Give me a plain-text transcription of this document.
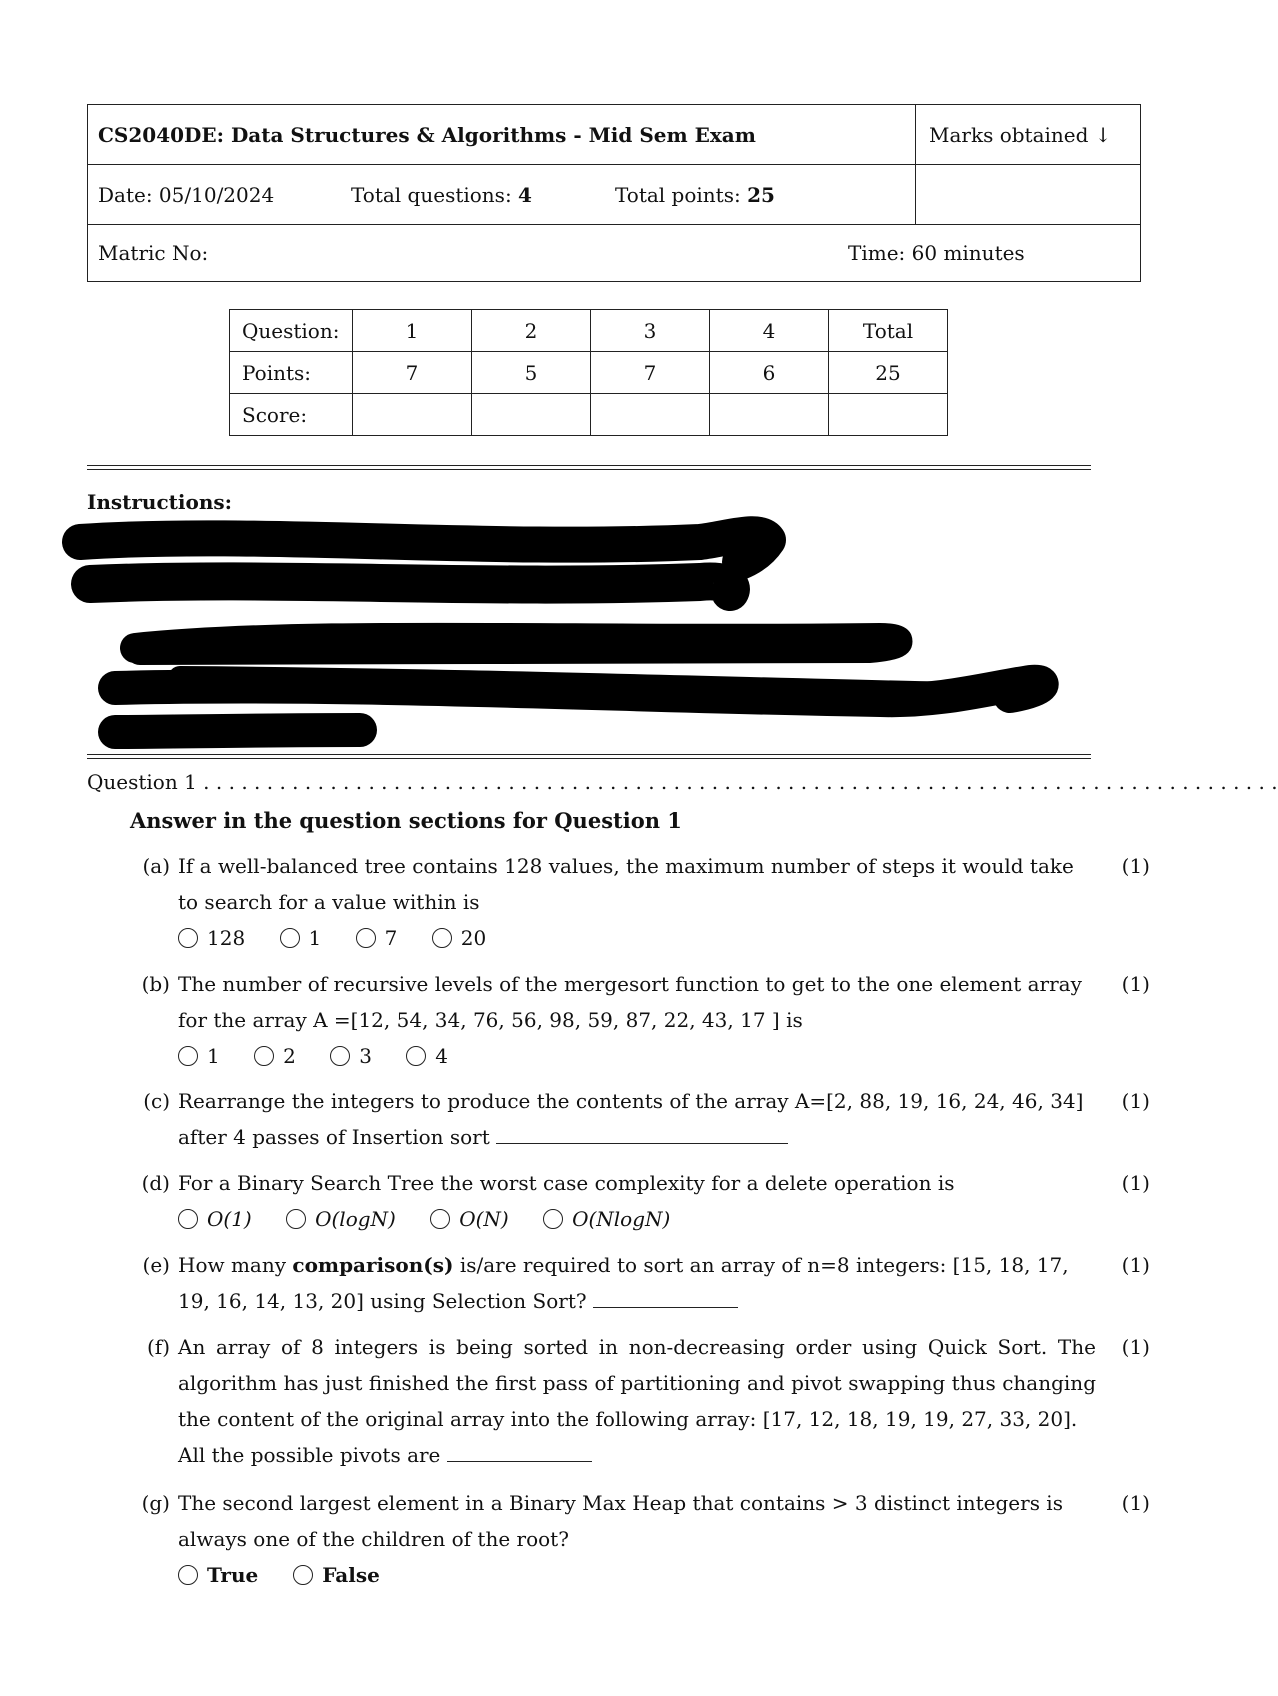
CS2040DE: Data Structures & Algorithms - Mid Sem Exam	Marks obtained ↓
Date: 05/10/2024	Total questions: 4	Total points: 25
Matric No:	Time: 60 minutes
Question:	1	2	3	4	Total
Points:	7	5	7	6	25
Score:					
Instructions:
Question 1 . . . . . . . . . . . . . . . . . . . . . . . . . . . . . . . . . . . . . . . . . . . . . . . . . . . . . . . . . . . . . . . . . . . . . . . . . . . . . . . . . . . . .
Answer in the question sections for Question 1
(a) If a well-balanced tree contains 128 values, the maximum number of steps it would take to search for a value within is
(1)
128	1	7	20
(b) The number of recursive levels of the mergesort function to get to the one element array for the array A =[12, 54, 34, 76, 56, 98, 59, 87, 22, 43, 17 ] is
(1)
1	2	3	4
(c) Rearrange the integers to produce the contents of the array A=[2, 88, 19, 16, 24, 46, 34]
after 4 passes of Insertion sort
(1)
(d) For a Binary Search Tree the worst case complexity for a delete operation is	(1)
O(1)	O(logN)	O(N)	O(NlogN)
(e) How many comparison(s) is/are required to sort an array of n=8 integers: [15, 18, 17, 19, 16, 14, 13, 20] using Selection Sort?
(1)
(f) An array of 8 integers is being sorted in non-decreasing order using Quick Sort. The algorithm has just finished the first pass of partitioning and pivot swapping thus changing the content of the original array into the following array: [17, 12, 18, 19, 19, 27, 33, 20].
All the possible pivots are
(1)
(g) The second largest element in a Binary Max Heap that contains > 3 distinct integers is always one of the children of the root?
(1)
True	False
